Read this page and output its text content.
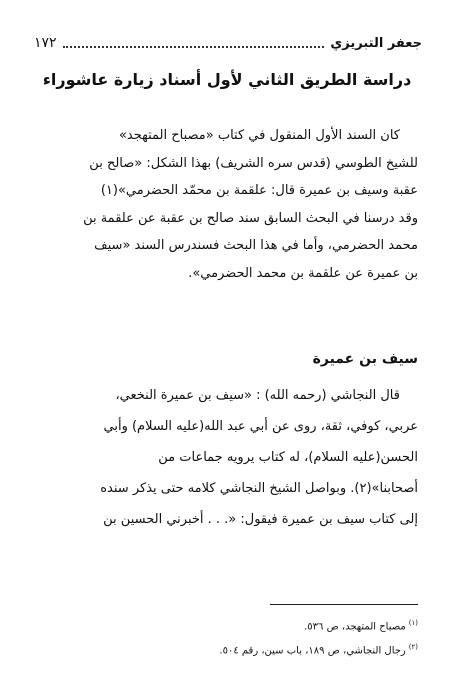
١٧٢	جعفر التبريزي
دراسة الطريق الثاني لأول أسناد زيارة عاشوراء
كان السند الأول المنقول في كتاب «مصباح المتهجد»
للشيخ الطوسي (قدس سره الشريف) بهذا الشكل: «صالح بن
عقبة وسيف بن عميرة قال: علقمة بن محمّد الحضرمي»(١)
وقد درسنا في البحث السابق سند صالح بن عقبة عن علقمة بن
محمد الحضرمي، وأما في هذا البحث فسندرس السند «سيف
بن عميرة عن علقمة بن محمد الحضرمي».
سيف بن عميرة
قال النجاشي (رحمه الله) : «سيف بن عميرة النخعي،
عربي، كوفي، ثقة، روى عن أبي عبد الله(عليه السلام) وأبي
الحسن(عليه السلام)، له كتاب يرويه جماعات من
أصحابنا»(٢). وبواصل الشيخ النجاشي كلامه حتى يذكر سنده
إلى كتاب سيف بن عميرة فيقول: «. . . أخبرني الحسين بن
$^{(١)}$مصباح المتهجد، ص ٥٣٦.
$^{(٢)}$رجال النجاشي، ص ١٨٩، باب سين، رقم ٥٠٤.
